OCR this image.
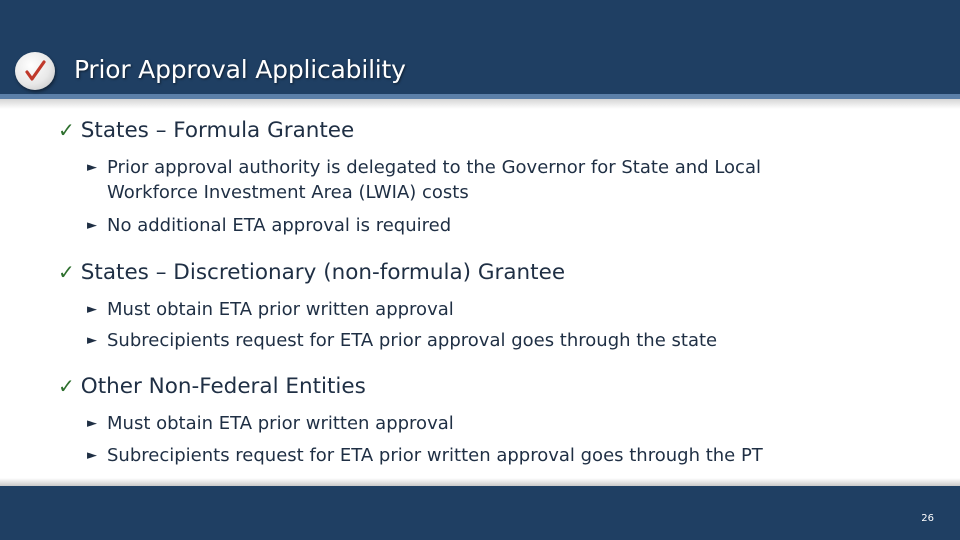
Prior Approval Applicability
✓ States – Formula Grantee
► Prior approval authority is delegated to the Governor for State and Local Workforce Investment Area (LWIA) costs
► No additional ETA approval is required
✓ States – Discretionary (non-formula) Grantee
► Must obtain ETA prior written approval
► Subrecipients request for ETA prior approval goes through the state
✓ Other Non-Federal Entities
► Must obtain ETA prior written approval
► Subrecipients request for ETA prior written approval goes through the PT
26
